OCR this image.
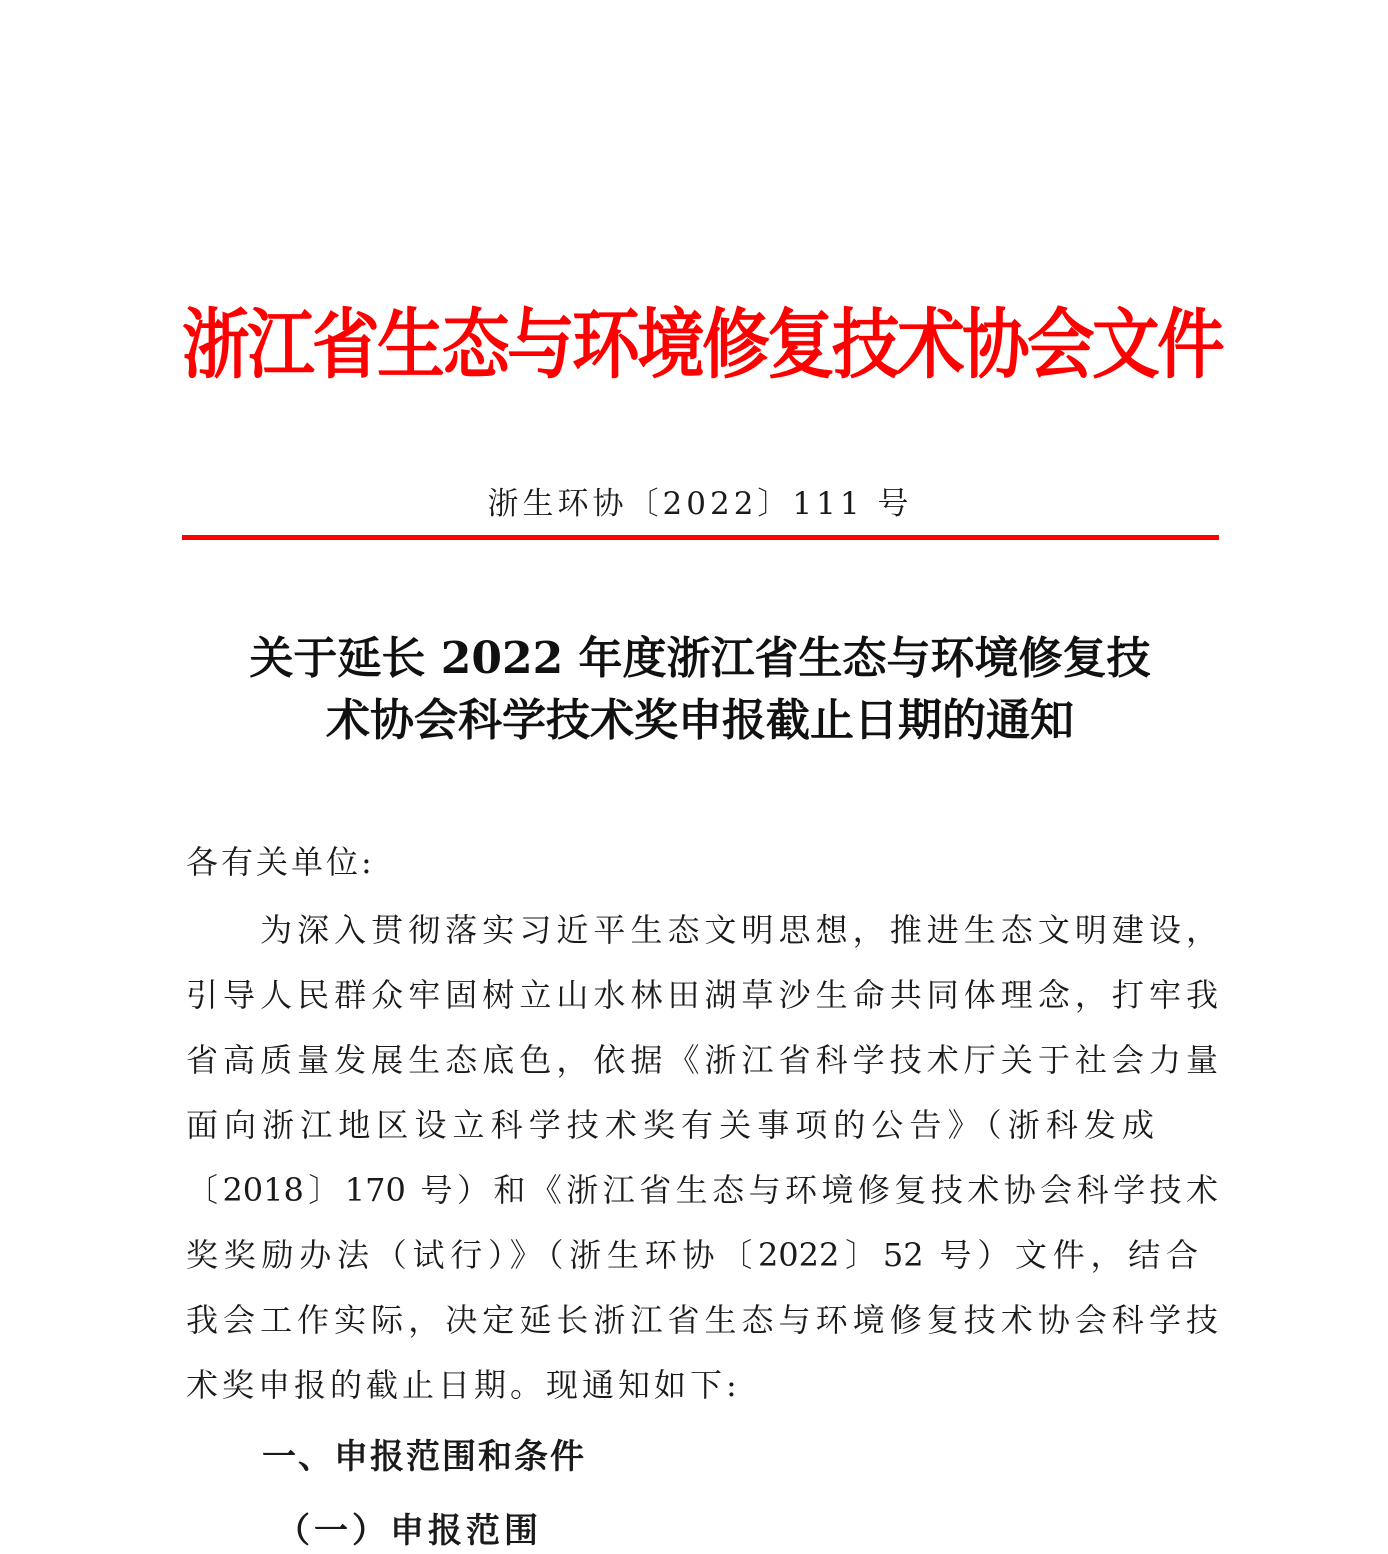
浙江省生态与环境修复技术协会文件
浙生环协〔2022〕111 号
关于延长 2022 年度浙江省生态与环境修复技
术协会科学技术奖申报截止日期的通知
各有关单位:
　　为深入贯彻落实习近平生态文明思想，推进生态文明建设，
引导人民群众牢固树立山水林田湖草沙生命共同体理念，打牢我
省高质量发展生态底色，依据《浙江省科学技术厅关于社会力量
面向浙江地区设立科学技术奖有关事项的公告》（浙科发成
〔2018〕170 号）和《浙江省生态与环境修复技术协会科学技术
奖奖励办法（试行）》（浙生环协〔2022〕52 号）文件，结合
我会工作实际，决定延长浙江省生态与环境修复技术协会科学技
术奖申报的截止日期。现通知如下:
一、申报范围和条件
（一）申报范围
